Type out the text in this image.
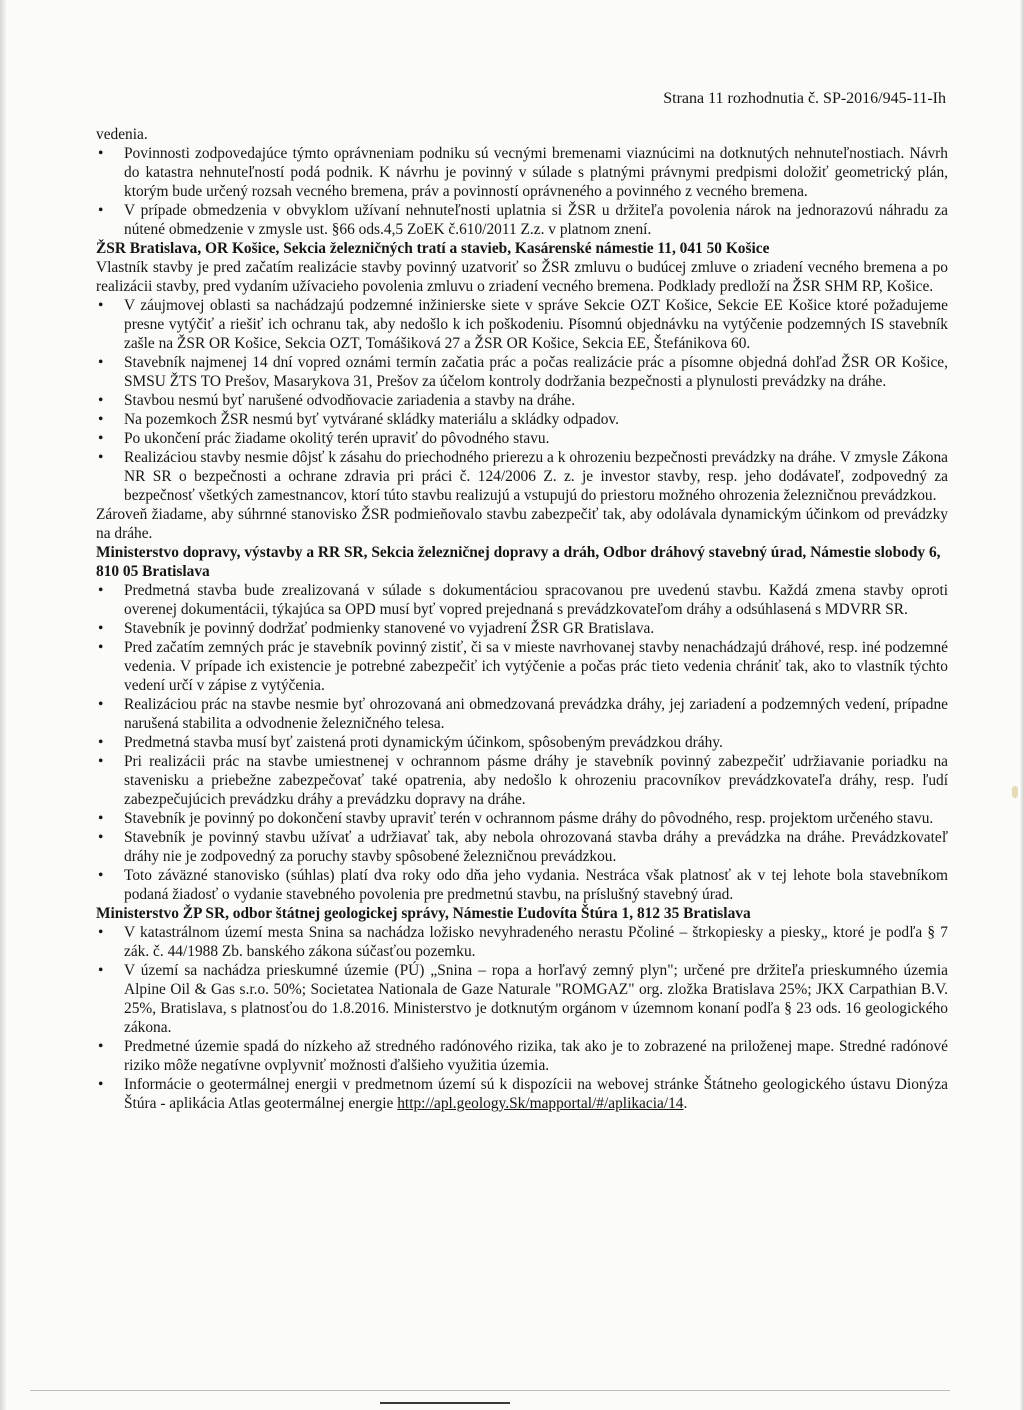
Strana 11 rozhodnutia č. SP-2016/945-11-Ih

vedenia.

• Povinnosti zodpovedajúce týmto oprávneniam podniku sú vecnými bremenami viaznúcimi na dotknutých nehnuteľnostiach. Návrh do katastra nehnuteľností podá podnik. K návrhu je povinný v súlade s platnými právnymi predpismi doložiť geometrický plán, ktorým bude určený rozsah vecného bremena, práv a povinností oprávneného a povinného z vecného bremena.
• V prípade obmedzenia v obvyklom užívaní nehnuteľnosti uplatnia si ŽSR u držiteľa povolenia nárok na jednorazovú náhradu za nútené obmedzenie v zmysle ust. §66 ods.4,5 ZoEK č.610/2011 Z.z. v platnom znení.
ŽSR Bratislava, OR Košice, Sekcia železničných tratí a stavieb, Kasárenské námestie 11, 041 50 Košice

Vlastník stavby je pred začatím realizácie stavby povinný uzatvoriť so ŽSR zmluvu o budúcej zmluve o zriadení vecného bremena a po realizácii stavby, pred vydaním užívacieho povolenia zmluvu o zriadení vecného bremena. Podklady predloží na ŽSR SHM RP, Košice.

• V záujmovej oblasti sa nachádzajú podzemné inžinierske siete v správe Sekcie OZT Košice, Sekcie EE Košice ktoré požadujeme presne vytýčiť a riešiť ich ochranu tak, aby nedošlo k ich poškodeniu. Písomnú objednávku na vytýčenie podzemných IS stavebník zašle na ŽSR OR Košice, Sekcia OZT, Tomášiková 27 a ŽSR OR Košice, Sekcia EE, Štefánikova 60.
• Stavebník najmenej 14 dní vopred oznámi termín začatia prác a počas realizácie prác a písomne objedná dohľad ŽSR OR Košice, SMSU ŽTS TO Prešov, Masarykova 31, Prešov za účelom kontroly dodržania bezpečnosti a plynulosti prevádzky na dráhe.
• Stavbou nesmú byť narušené odvodňovacie zariadenia a stavby na dráhe.
• Na pozemkoch ŽSR nesmú byť vytvárané skládky materiálu a skládky odpadov.
• Po ukončení prác žiadame okolitý terén upraviť do pôvodného stavu.
• Realizáciou stavby nesmie dôjsť k zásahu do priechodného prierezu a k ohrozeniu bezpečnosti prevádzky na dráhe. V zmysle Zákona NR SR o bezpečnosti a ochrane zdravia pri práci č. 124/2006 Z. z. je investor stavby, resp. jeho dodávateľ, zodpovedný za bezpečnosť všetkých zamestnancov, ktorí túto stavbu realizujú a vstupujú do priestoru možného ohrozenia železničnou prevádzkou.

Zároveň žiadame, aby súhrnné stanovisko ŽSR podmieňovalo stavbu zabezpečiť tak, aby odolávala dynamickým účinkom od prevádzky na dráhe.

Ministerstvo dopravy, výstavby a RR SR, Sekcia železničnej dopravy a dráh, Odbor dráhový stavebný úrad, Námestie slobody 6, 810 05 Bratislava
• Predmetná stavba bude zrealizovaná v súlade s dokumentáciou spracovanou pre uvedenú stavbu. Každá zmena stavby oproti overenej dokumentácii, týkajúca sa OPD musí byť vopred prejednaná s prevádzkovateľom dráhy a odsúhlasená s MDVRR SR.
• Stavebník je povinný dodržať podmienky stanovené vo vyjadrení ŽSR GR Bratislava.
• Pred začatím zemných prác je stavebník povinný zistiť, či sa v mieste navrhovanej stavby nenachádzajú dráhové, resp. iné podzemné vedenia. V prípade ich existencie je potrebné zabezpečiť ich vytýčenie a počas prác tieto vedenia chrániť tak, ako to vlastník týchto vedení určí v zápise z vytýčenia.
• Realizáciou prác na stavbe nesmie byť ohrozovaná ani obmedzovaná prevádzka dráhy, jej zariadení a podzemných vedení, prípadne narušená stabilita a odvodnenie železničného telesa.
• Predmetná stavba musí byť zaistená proti dynamickým účinkom, spôsobeným prevádzkou dráhy.
• Pri realizácii prác na stavbe umiestnenej v ochrannom pásme dráhy je stavebník povinný zabezpečiť udržiavanie poriadku na stavenisku a priebežne zabezpečovať také opatrenia, aby nedošlo k ohrozeniu pracovníkov prevádzkovateľa dráhy, resp. ľudí zabezpečujúcich prevádzku dráhy a prevádzku dopravy na dráhe.
• Stavebník je povinný po dokončení stavby upraviť terén v ochrannom pásme dráhy do pôvodného, resp. projektom určeného stavu.
• Stavebník je povinný stavbu užívať a udržiavať tak, aby nebola ohrozovaná stavba dráhy a prevádzka na dráhe. Prevádzkovateľ dráhy nie je zodpovedný za poruchy stavby spôsobené železničnou prevádzkou.
• Toto záväzné stanovisko (súhlas) platí dva roky odo dňa jeho vydania. Nestráca však platnosť ak v tej lehote bola stavebníkom podaná žiadosť o vydanie stavebného povolenia pre predmetnú stavbu, na príslušný stavebný úrad.
Ministerstvo ŽP SR, odbor štátnej geologickej správy, Námestie Ľudovíta Štúra 1, 812 35 Bratislava
• V katastrálnom území mesta Snina sa nachádza ložisko nevyhradeného nerastu Pčoliné – štrkopiesky a piesky„ ktoré je podľa § 7 zák. č. 44/1988 Zb. banského zákona súčasťou pozemku.
• V území sa nachádza prieskumné územie (PÚ) „Snina – ropa a horľavý zemný plyn"; určené pre držiteľa prieskumného územia Alpine Oil & Gas s.r.o. 50%; Societatea Nationala de Gaze Naturale "ROMGAZ" org. zložka Bratislava 25%; JKX Carpathian B.V. 25%, Bratislava, s platnosťou do 1.8.2016. Ministerstvo je dotknutým orgánom v územnom konaní podľa § 23 ods. 16 geologického zákona.
• Predmetné územie spadá do nízkeho až stredného radónového rizika, tak ako je to zobrazené na priloženej mape. Stredné radónové riziko môže negatívne ovplyvniť možnosti ďalšieho využitia územia.
• Informácie o geotermálnej energii v predmetnom území sú k dispozícii na webovej stránke Štátneho geologického ústavu Dionýza Štúra - aplikácia Atlas geotermálnej energie http://apl.geology.Sk/mapportal/#/aplikacia/14.
